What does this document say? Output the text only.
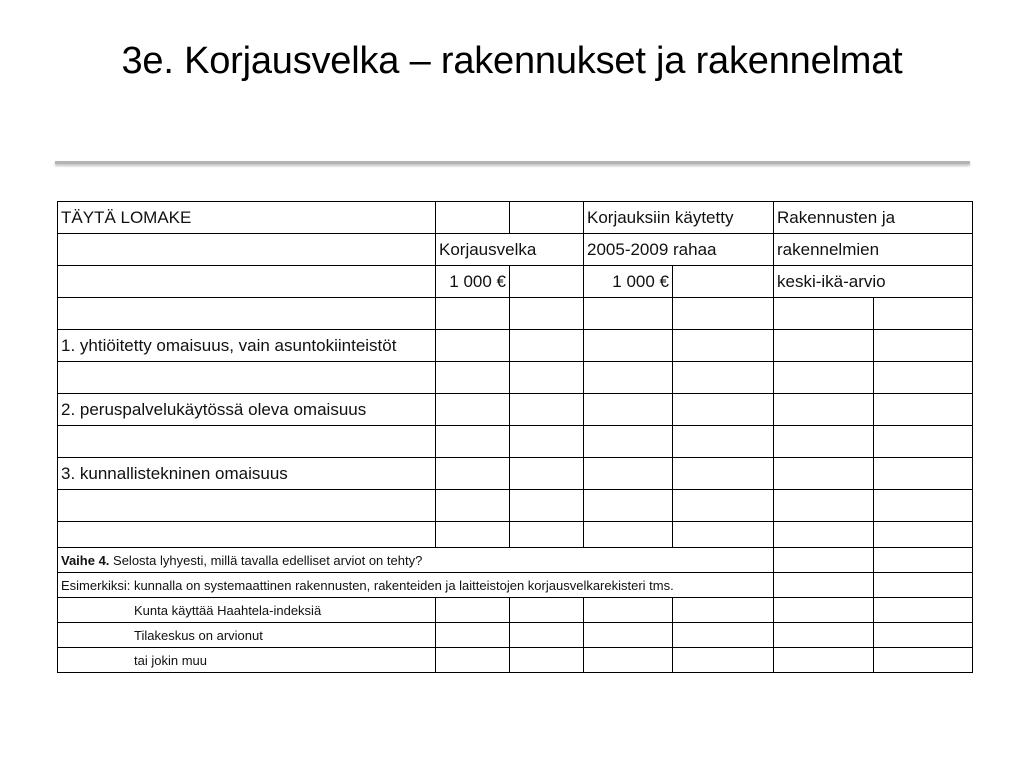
3e. Korjausvelka – rakennukset ja rakennelmat
TÄYTÄ LOMAKE			Korjauksiin käytetty		Rakennusten ja	
	Korjausvelka		2005-2009 rahaa		rakennelmien	
	1 000 €		1 000 €		keski-ikä-arvio	

1. yhtiöitetty omaisuus, vain asuntokiinteistöt						

2. peruspalvelukäytössä oleva omaisuus						

3. kunnallistekninen omaisuus						

Vaihe 4. Selosta lyhyesti, millä tavalla edelliset arviot on tehty?						
Esimerkiksi: kunnalla on systemaattinen rakennusten, rakenteiden ja laitteistojen korjausvelkarekisteri tms.						
Kunta käyttää Haahtela-indeksiä						
Tilakeskus on arvionut						
tai jokin muu						
